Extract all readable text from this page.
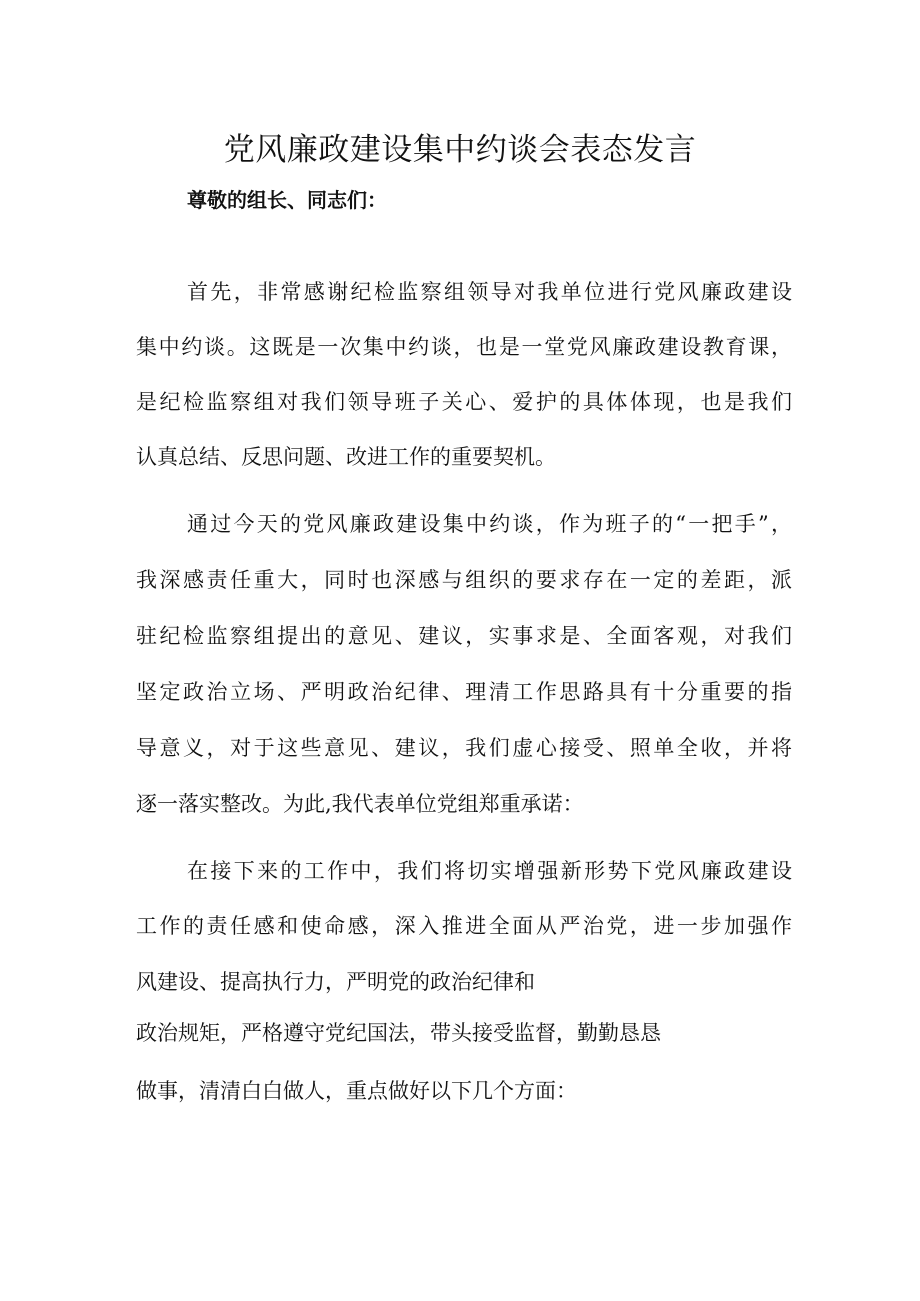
党风廉政建设集中约谈会表态发言
尊敬的组长、同志们：
首先，非常感谢纪检监察组领导对我单位进行党风廉政建设
集中约谈。这既是一次集中约谈，也是一堂党风廉政建设教育课，
是纪检监察组对我们领导班子关心、爱护的具体体现，也是我们
认真总结、反思问题、改进工作的重要契机。
通过今天的党风廉政建设集中约谈，作为班子的“一把手”，
我深感责任重大，同时也深感与组织的要求存在一定的差距，派
驻纪检监察组提出的意见、建议，实事求是、全面客观，对我们
坚定政治立场、严明政治纪律、理清工作思路具有十分重要的指
导意义，对于这些意见、建议，我们虚心接受、照单全收，并将
逐一落实整改。为此,我代表单位党组郑重承诺：
在接下来的工作中，我们将切实增强新形势下党风廉政建设
工作的责任感和使命感，深入推进全面从严治党，进一步加强作
风建设、提高执行力，严明党的政治纪律和
政治规矩，严格遵守党纪国法，带头接受监督，勤勤恳恳
做事，清清白白做人，重点做好以下几个方面：
